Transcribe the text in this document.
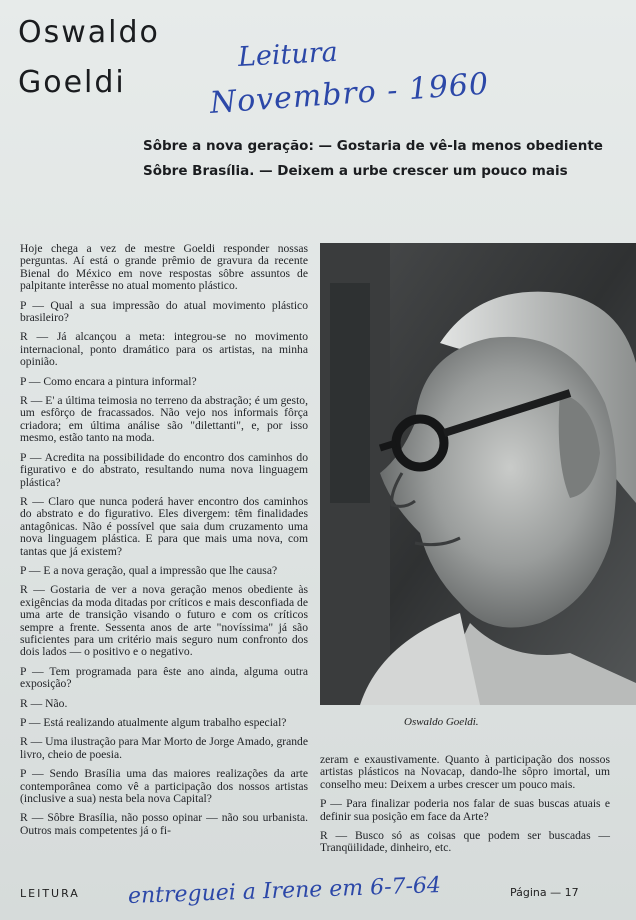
Oswaldo
Goeldi
Leitura
Novembro - 1960
Sôbre a nova geração: — Gostaria de vê-la menos obediente
Sôbre Brasília. — Deixem a urbe crescer um pouco mais

Hoje chega a vez de mestre Goeldi responder nossas perguntas. Aí está o grande prêmio de gravura da recente Bienal do México em nove respostas sôbre assuntos de palpitante interêsse no atual momento plástico.

P — Qual a sua impressão do atual movimento plástico brasileiro?

R — Já alcançou a meta: integrou-se no movimento internacional, ponto dramático para os artistas, na minha opinião.

P — Como encara a pintura informal?

R — E' a última teimosia no terreno da abstração; é um gesto, um esfôrço de fracassados. Não vejo nos informais fôrça criadora; em última análise são "dilettanti", e, por isso mesmo, estão tanto na moda.

P — Acredita na possibilidade do encontro dos caminhos do figurativo e do abstrato, resultando numa nova linguagem plástica?

R — Claro que nunca poderá haver encontro dos caminhos do abstrato e do figurativo. Eles divergem: têm finalidades antagônicas. Não é possível que saia dum cruzamento uma nova linguagem plástica. E para que mais uma nova, com tantas que já existem?

P — E a nova geração, qual a impressão que lhe causa?

R — Gostaria de ver a nova geração menos obediente às exigências da moda ditadas por críticos e mais desconfiada de uma arte de transição visando o futuro e com os críticos sempre a frente. Sessenta anos de arte "novíssima" já são suficientes para um critério mais seguro num confronto dos dois lados — o positivo e o negativo.

P — Tem programada para êste ano ainda, alguma outra exposição?

R — Não.

P — Está realizando atualmente algum trabalho especial?

R — Uma ilustração para Mar Morto de Jorge Amado, grande livro, cheio de poesia.

P — Sendo Brasília uma das maiores realizações da arte contemporânea como vê a participação dos nossos artistas (inclusive a sua) nesta bela nova Capital?

R — Sôbre Brasília, não posso opinar — não sou urbanista. Outros mais competentes já o fi-

Oswaldo Goeldi.

zeram e exaustivamente. Quanto à participação dos nossos artistas plásticos na Novacap, dando-lhe sôpro imortal, um conselho meu: Deixem a urbes crescer um pouco mais.

P — Para finalizar poderia nos falar de suas buscas atuais e definir sua posição em face da Arte?

R — Busco só as coisas que podem ser buscadas — Tranqüilidade, dinheiro, etc.

LEITURA entreguei a Irene em 6-7-64	Página — 17
